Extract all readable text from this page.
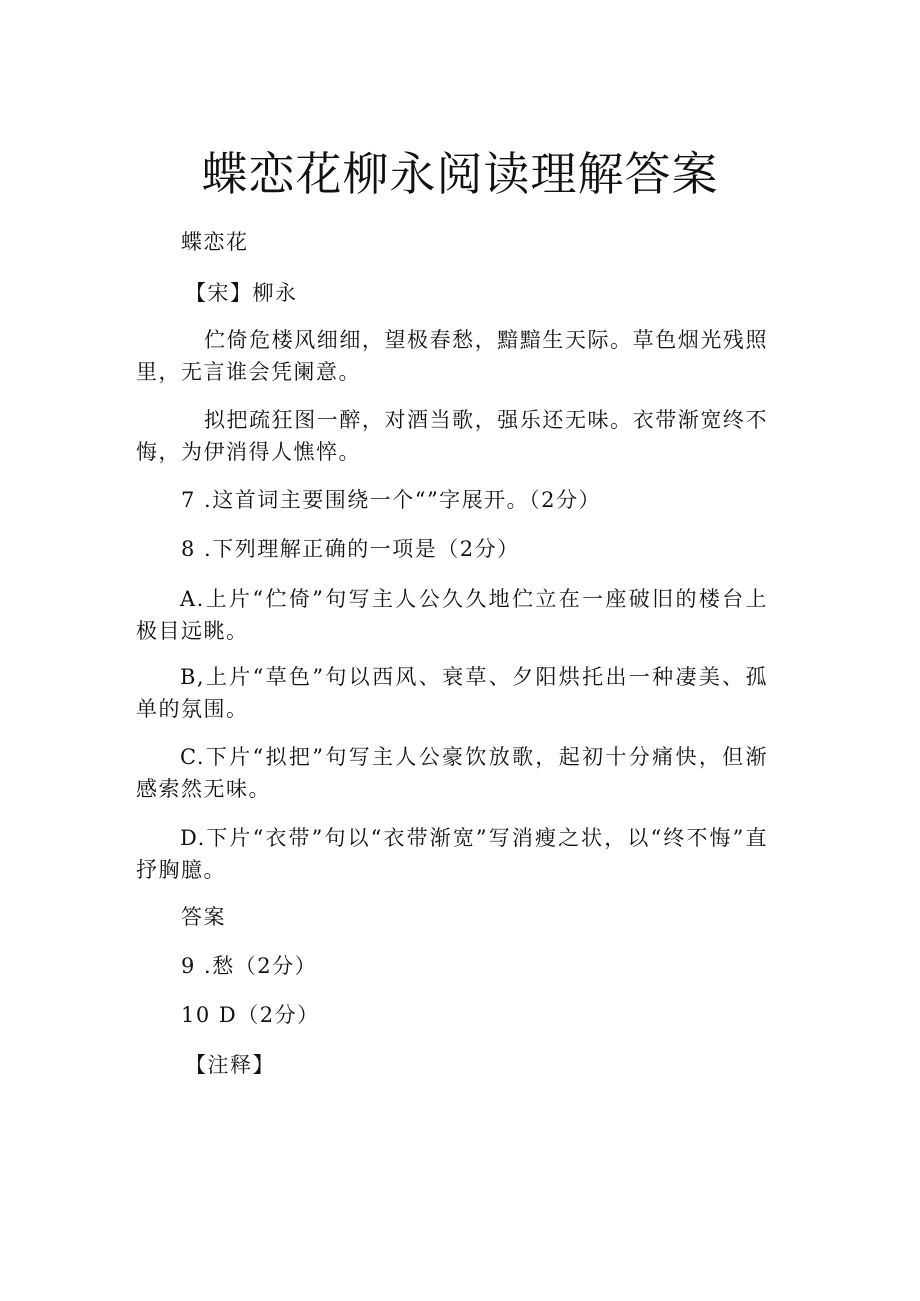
蝶恋花柳永阅读理解答案
蝶恋花
【宋】柳永
伫倚危楼风细细，望极春愁，黯黯生天际。草色烟光残照里，无言谁会凭阑意。
拟把疏狂图一醉，对酒当歌，强乐还无味。衣带渐宽终不悔，为伊消得人憔悴。
7 .这首词主要围绕一个“”字展开。（2分）
8 .下列理解正确的一项是（2分）
A.上片“伫倚”句写主人公久久地伫立在一座破旧的楼台上极目远眺。
B,上片“草色”句以西风、衰草、夕阳烘托出一种凄美、孤单的氛围。
C.下片“拟把”句写主人公豪饮放歌，起初十分痛快，但渐感索然无味。
D.下片“衣带”句以“衣带渐宽”写消瘦之状，以“终不悔”直抒胸臆。
答案
9 .愁（2分）
10 D（2分）
【注释】
